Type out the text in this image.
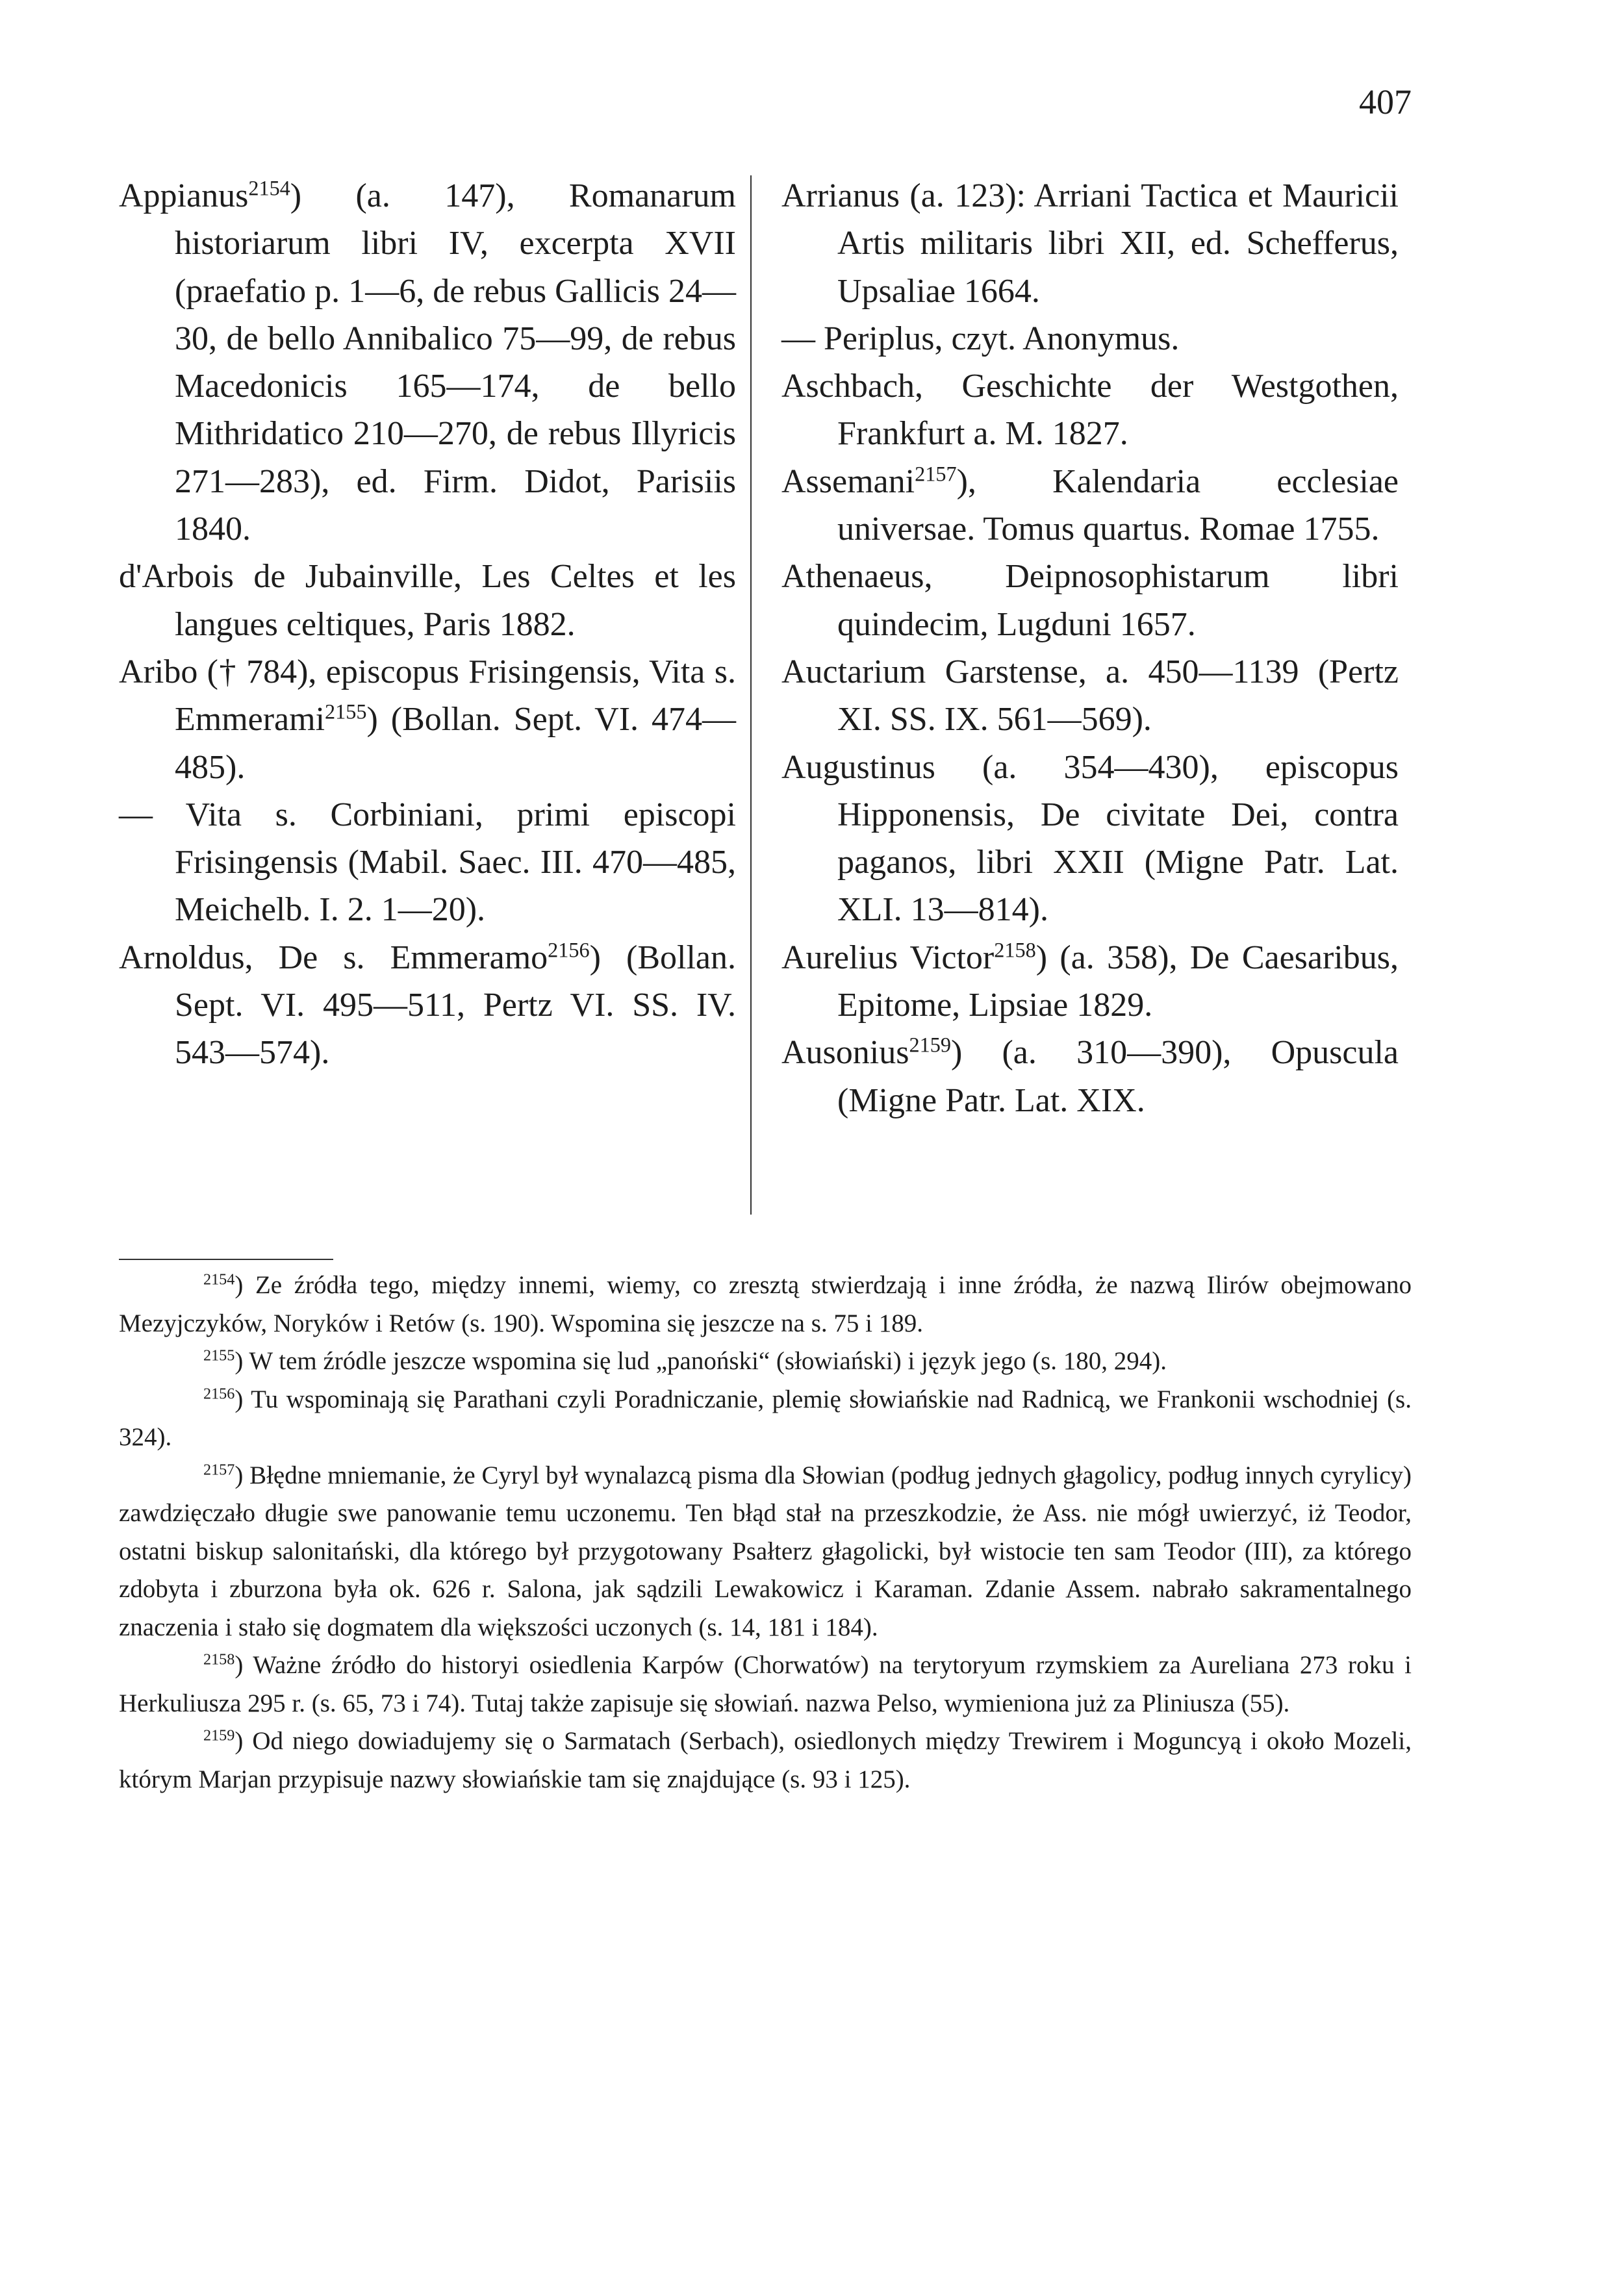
407

Appianus$^{2154}$) (a. 147), Romanarum historiarum libri IV, excerpta XVII (praefatio p. 1—6, de rebus Gallicis 24—30, de bello Annibalico 75—99, de rebus Macedonicis 165—174, de bello Mithridatico 210—270, de rebus Illyricis 271—283), ed. Firm. Didot, Parisiis 1840.

d'Arbois de Jubainville, Les Celtes et les langues celtiques, Paris 1882.

Aribo († 784), episcopus Frisingensis, Vita s. Emmerami$^{2155}$) (Bollan. Sept. VI. 474—485).

— Vita s. Corbiniani, primi episcopi Frisingensis (Mabil. Saec. III. 470—485, Meichelb. I. 2. 1—20).

Arnoldus, De s. Emmeramo$^{2156}$) (Bollan. Sept. VI. 495—511, Pertz VI. SS. IV. 543—574).

Arrianus (a. 123): Arriani Tactica et Mauricii Artis militaris libri XII, ed. Schefferus, Upsaliae 1664.

— Periplus, czyt. Anonymus.

Aschbach, Geschichte der Westgothen, Frankfurt a. M. 1827.

Assemani$^{2157}$), Kalendaria ecclesiae universae. Tomus quartus. Romae 1755.

Athenaeus, Deipnosophistarum libri quindecim, Lugduni 1657.

Auctarium Garstense, a. 450—1139 (Pertz XI. SS. IX. 561—569).

Augustinus (a. 354—430), episcopus Hipponensis, De civitate Dei, contra paganos, libri XXII (Migne Patr. Lat. XLI. 13—814).

Aurelius Victor$^{2158}$) (a. 358), De Caesaribus, Epitome, Lipsiae 1829.

Ausonius$^{2159}$) (a. 310—390), Opuscula (Migne Patr. Lat. XIX.

$^{2154}$) Ze źródła tego, między innemi, wiemy, co zresztą stwierdzają i inne źródła, że nazwą Ilirów obejmowano Mezyjczyków, Noryków i Retów (s. 190). Wspomina się jeszcze na s. 75 i 189.

$^{2155}$) W tem źródle jeszcze wspomina się lud „panoński“ (słowiański) i język jego (s. 180, 294).

$^{2156}$) Tu wspominają się Parathani czyli Poradniczanie, plemię słowiańskie nad Radnicą, we Frankonii wschodniej (s. 324).

$^{2157}$) Błędne mniemanie, że Cyryl był wynalazcą pisma dla Słowian (podług jednych głagolicy, podług innych cyrylicy) zawdzięczało długie swe panowanie temu uczonemu. Ten błąd stał na przeszkodzie, że Ass. nie mógł uwierzyć, iż Teodor, ostatni biskup salonitański, dla którego był przygotowany Psałterz głagolicki, był wistocie ten sam Teodor (III), za którego zdobyta i zburzona była ok. 626 r. Salona, jak sądzili Lewakowicz i Karaman. Zdanie Assem. nabrało sakramentalnego znaczenia i stało się dogmatem dla większości uczonych (s. 14, 181 i 184).

$^{2158}$) Ważne źródło do historyi osiedlenia Karpów (Chorwatów) na terytoryum rzymskiem za Aureliana 273 roku i Herkuliusza 295 r. (s. 65, 73 i 74). Tutaj także zapisuje się słowiań. nazwa Pelso, wymieniona już za Pliniusza (55).

$^{2159}$) Od niego dowiadujemy się o Sarmatach (Serbach), osiedlonych między Trewirem i Moguncyą i około Mozeli, którym Marjan przypisuje nazwy słowiańskie tam się znajdujące (s. 93 i 125).
